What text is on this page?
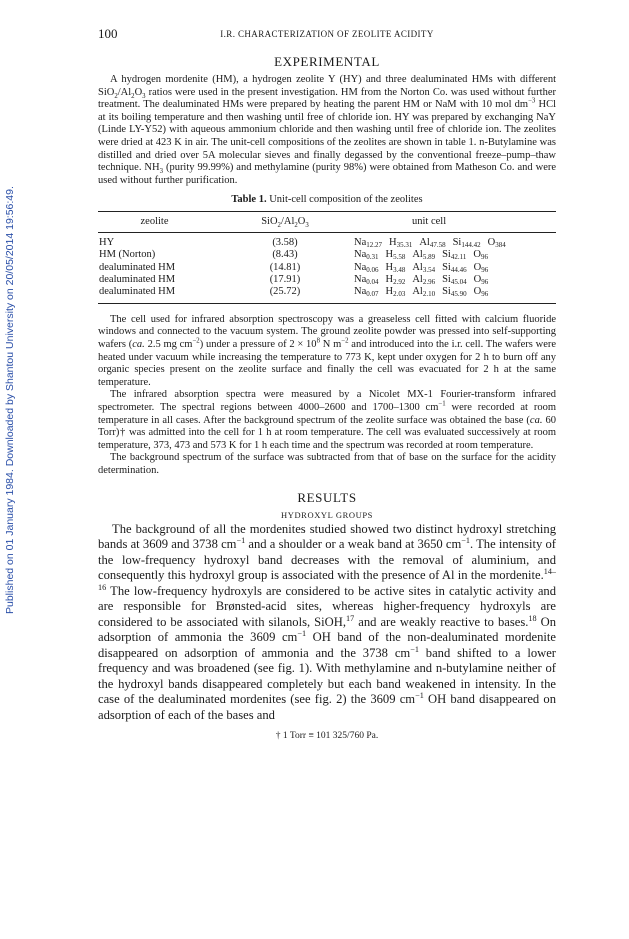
Published on 01 January 1984. Downloaded by Shantou University on 20/05/2014 19:56:49.
100	I.R. CHARACTERIZATION OF ZEOLITE ACIDITY
EXPERIMENTAL

A hydrogen mordenite (HM), a hydrogen zeolite Y (HY) and three dealuminated HMs with different $SiO_2/Al_2O_3$ ratios were used in the present investigation. HM from the Norton Co. was used without further treatment. The dealuminated HMs were prepared by heating the parent HM or NaM with 10 mol $dm^{-3}$ HCl at its boiling temperature and then washing until free of chloride ion. HY was prepared by exchanging NaY (Linde LY-Y52) with aqueous ammonium chloride and then washing until free of chloride ion. The zeolites were dried at 423 K in air. The unit-cell compositions of the zeolites are shown in table 1. n-Butylamine was distilled and dried over 5A molecular sieves and finally degassed by the conventional freeze–pump–thaw technique. $NH_3$ (purity 99.99%) and methylamine (purity 98%) were obtained from Matheson Co. and were used without further purification.

Table 1. Unit-cell composition of the zeolites
zeolite	$SiO_2/Al_2O_3$	unit cell
HY	(3.58)	Na12.27 H35.31 Al47.58 Si144.42 O384
HM (Norton)	(8.43)	Na0.31 H5.58 Al5.89 Si42.11 O96
dealuminated HM	(14.81)	Na0.06 H3.48 Al3.54 Si44.46 O96
dealuminated HM	(17.91)	Na0.04 H2.92 Al2.96 Si45.04 O96
dealuminated HM	(25.72)	Na0.07 H2.03 Al2.10 Si45.90 O96

The cell used for infrared absorption spectroscopy was a greaseless cell fitted with calcium fluoride windows and connected to the vacuum system. The ground zeolite powder was pressed into self-supporting wafers (ca. 2.5 mg $cm^{-2}$) under a pressure of $2 \times 10^8$ N $m^{-2}$ and introduced into the i.r. cell. The wafers were heated under vacuum while increasing the temperature to 773 K, kept under oxygen for 2 h to burn off any organic species present on the zeolite surface and finally the cell was evacuated for 2 h at the same temperature.

The infrared absorption spectra were measured by a Nicolet MX-1 Fourier-transform infrared spectrometer. The spectral regions between 4000–2600 and 1700–1300 $cm^{-1}$ were recorded at room temperature in all cases. After the background spectrum of the zeolite surface was obtained the base (ca. 60 Torr)† was admitted into the cell for 1 h at room temperature. The cell was evaluated successively at room temperature, 373, 473 and 573 K for 1 h each time and the spectrum was recorded at room temperature.

The background spectrum of the surface was subtracted from that of base on the surface for the acidity determination.

RESULTS
HYDROXYL GROUPS

The background of all the mordenites studied showed two distinct hydroxyl stretching bands at 3609 and 3738 $cm^{-1}$ and a shoulder or a weak band at 3650 $cm^{-1}$. The intensity of the low-frequency hydroxyl band decreases with the removal of aluminium, and consequently this hydroxyl group is associated with the presence of Al in the mordenite.$^{14-16}$ The low-frequency hydroxyls are considered to be active sites in catalytic activity and are responsible for Brønsted-acid sites, whereas higher-frequency hydroxyls are considered to be associated with silanols, SiOH,$^{17}$ and are weakly reactive to bases.$^{18}$ On adsorption of ammonia the 3609 $cm^{-1}$ OH band of the non-dealuminated mordenite disappeared on adsorption of ammonia and the 3738 $cm^{-1}$ band shifted to a lower frequency and was broadened (see fig. 1). With methylamine and n-butylamine neither of the hydroxyl bands disappeared completely but each band weakened in intensity. In the case of the dealuminated mordenites (see fig. 2) the 3609 $cm^{-1}$ OH band disappeared on adsorption of each of the bases and

† 1 Torr ≡ 101 325/760 Pa.
